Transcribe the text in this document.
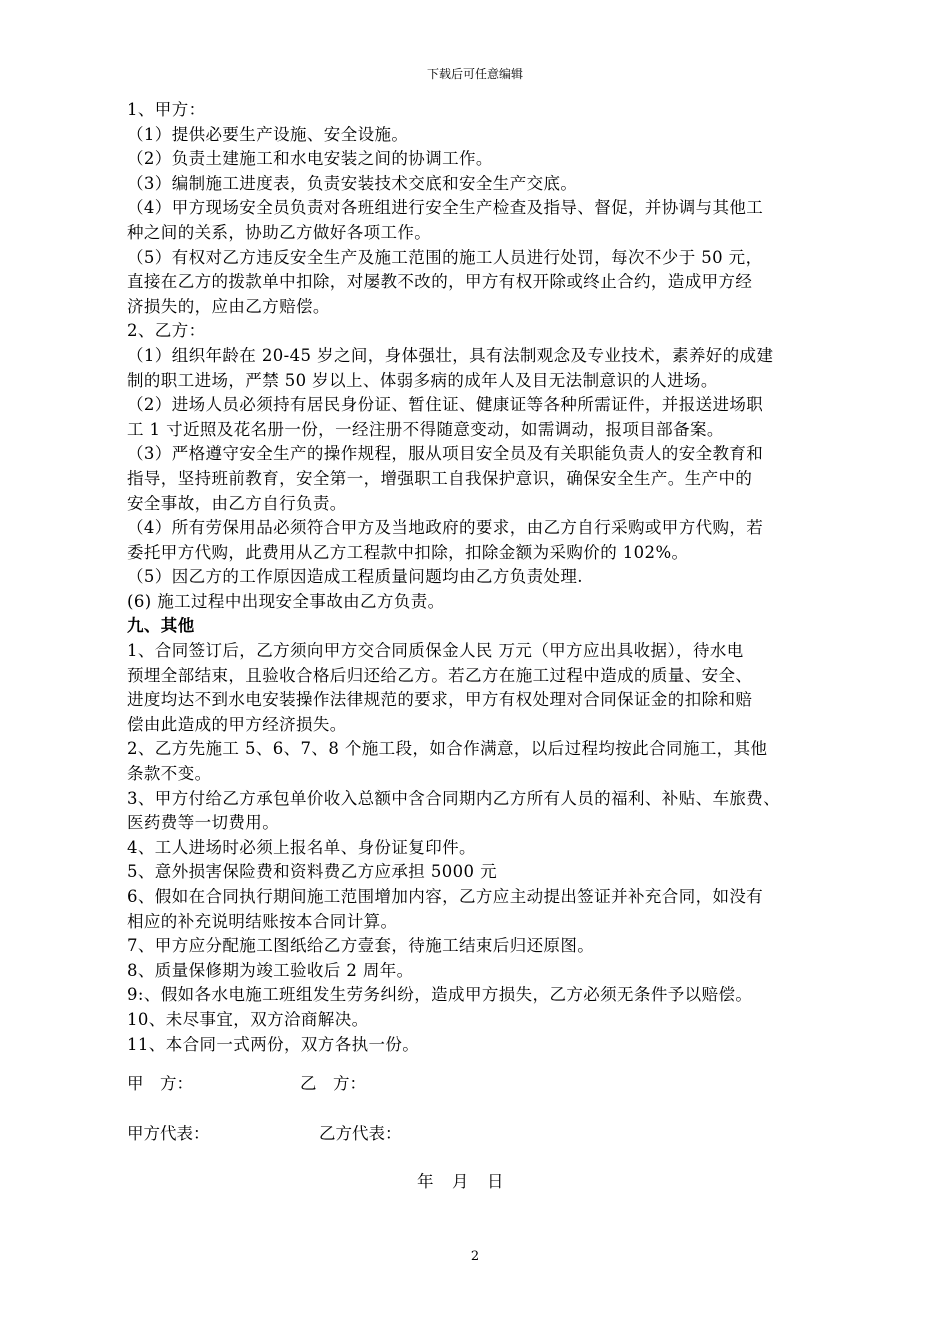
下载后可任意编辑
1、甲方：
（1）提供必要生产设施、安全设施。
（2）负责土建施工和水电安装之间的协调工作。
（3）编制施工进度表，负责安装技术交底和安全生产交底。
（4）甲方现场安全员负责对各班组进行安全生产检查及指导、督促，并协调与其他工
种之间的关系，协助乙方做好各项工作。
（5）有权对乙方违反安全生产及施工范围的施工人员进行处罚，每次不少于 50 元，
直接在乙方的拨款单中扣除，对屡教不改的，甲方有权开除或终止合约，造成甲方经
济损失的，应由乙方赔偿。
2、乙方：
（1）组织年龄在 20-45 岁之间，身体强壮，具有法制观念及专业技术，素养好的成建
制的职工进场，严禁 50 岁以上、体弱多病的成年人及目无法制意识的人进场。
（2）进场人员必须持有居民身份证、暂住证、健康证等各种所需证件，并报送进场职
工 1 寸近照及花名册一份，一经注册不得随意变动，如需调动，报项目部备案。
（3）严格遵守安全生产的操作规程，服从项目安全员及有关职能负责人的安全教育和
指导，坚持班前教育，安全第一，增强职工自我保护意识，确保安全生产。生产中的
安全事故，由乙方自行负责。
（4）所有劳保用品必须符合甲方及当地政府的要求，由乙方自行采购或甲方代购，若
委托甲方代购，此费用从乙方工程款中扣除，扣除金额为采购价的 102%。
（5）因乙方的工作原因造成工程质量问题均由乙方负责处理.
(6) 施工过程中出现安全事故由乙方负责。
九、其他
1、合同签订后，乙方须向甲方交合同质保金人民 万元（甲方应出具收据），待水电
预埋全部结束，且验收合格后归还给乙方。若乙方在施工过程中造成的质量、安全、
进度均达不到水电安装操作法律规范的要求，甲方有权处理对合同保证金的扣除和赔
偿由此造成的甲方经济损失。
2、乙方先施工 5、6、7、8 个施工段，如合作满意，以后过程均按此合同施工，其他
条款不变。
3、甲方付给乙方承包单价收入总额中含合同期内乙方所有人员的福利、补贴、车旅费、
医药费等一切费用。
4、工人进场时必须上报名单、身份证复印件。
5、意外损害保险费和资料费乙方应承担 5000 元
6、假如在合同执行期间施工范围增加内容，乙方应主动提出签证并补充合同，如没有
相应的补充说明结账按本合同计算。
7、甲方应分配施工图纸给乙方壹套，待施工结束后归还原图。
8、质量保修期为竣工验收后 2 周年。
9:、假如各水电施工班组发生劳务纠纷，造成甲方损失，乙方必须无条件予以赔偿。
10、未尽事宜，双方洽商解决。
11、本合同一式两份，双方各执一份。
甲　方：	乙　方：
甲方代表：	乙方代表：
年　月　日
2
